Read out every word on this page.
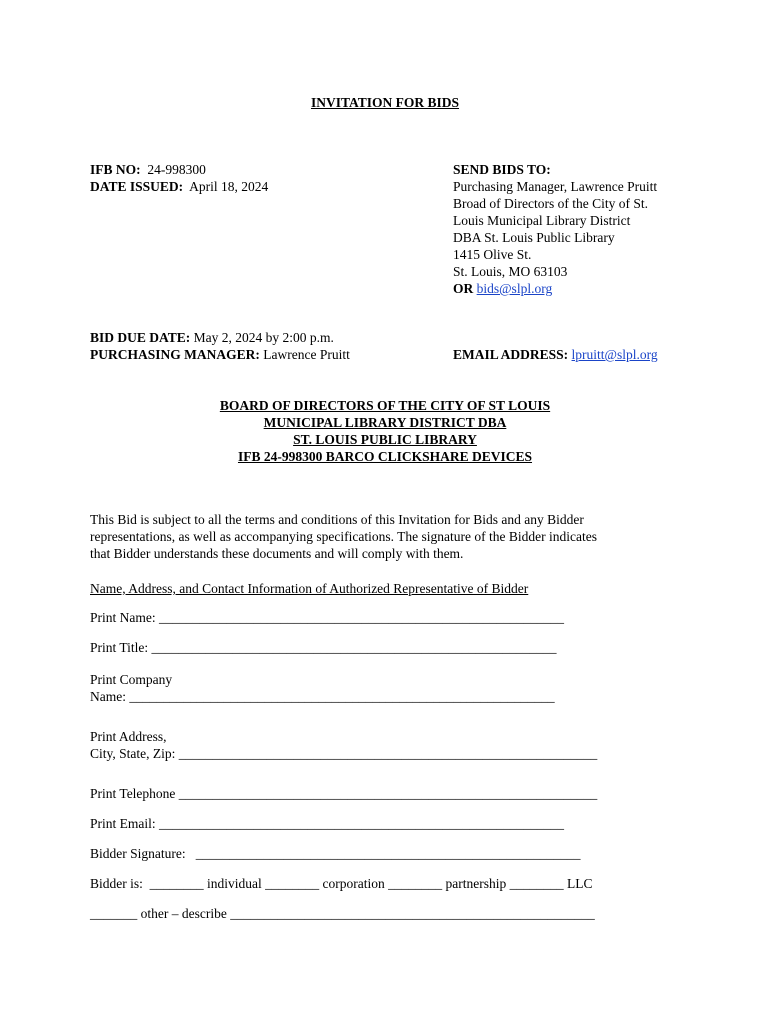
INVITATION FOR BIDS
IFB NO: 24-998300
DATE ISSUED: April 18, 2024
SEND BIDS TO:
Purchasing Manager, Lawrence Pruitt
Broad of Directors of the City of St.
Louis Municipal Library District
DBA St. Louis Public Library
1415 Olive St.
St. Louis, MO 63103
OR bids@slpl.org
BID DUE DATE: May 2, 2024 by 2:00 p.m.
PURCHASING MANAGER: Lawrence Pruitt	EMAIL ADDRESS: lpruitt@slpl.org
BOARD OF DIRECTORS OF THE CITY OF ST LOUIS
MUNICIPAL LIBRARY DISTRICT DBA
ST. LOUIS PUBLIC LIBRARY
IFB 24-998300 BARCO CLICKSHARE DEVICES
This Bid is subject to all the terms and conditions of this Invitation for Bids and any Bidder
representations, as well as accompanying specifications. The signature of the Bidder indicates
that Bidder understands these documents and will comply with them.
Name, Address, and Contact Information of Authorized Representative of Bidder
Print Name: ____________________________________________________________
Print Title: ____________________________________________________________
Print Company
Name: _______________________________________________________________
Print Address,
City, State, Zip: ______________________________________________________________
Print Telephone ______________________________________________________________
Print Email: ____________________________________________________________
Bidder Signature: _________________________________________________________
Bidder is: ________ individual ________ corporation ________ partnership ________ LLC
_______ other – describe ______________________________________________________
